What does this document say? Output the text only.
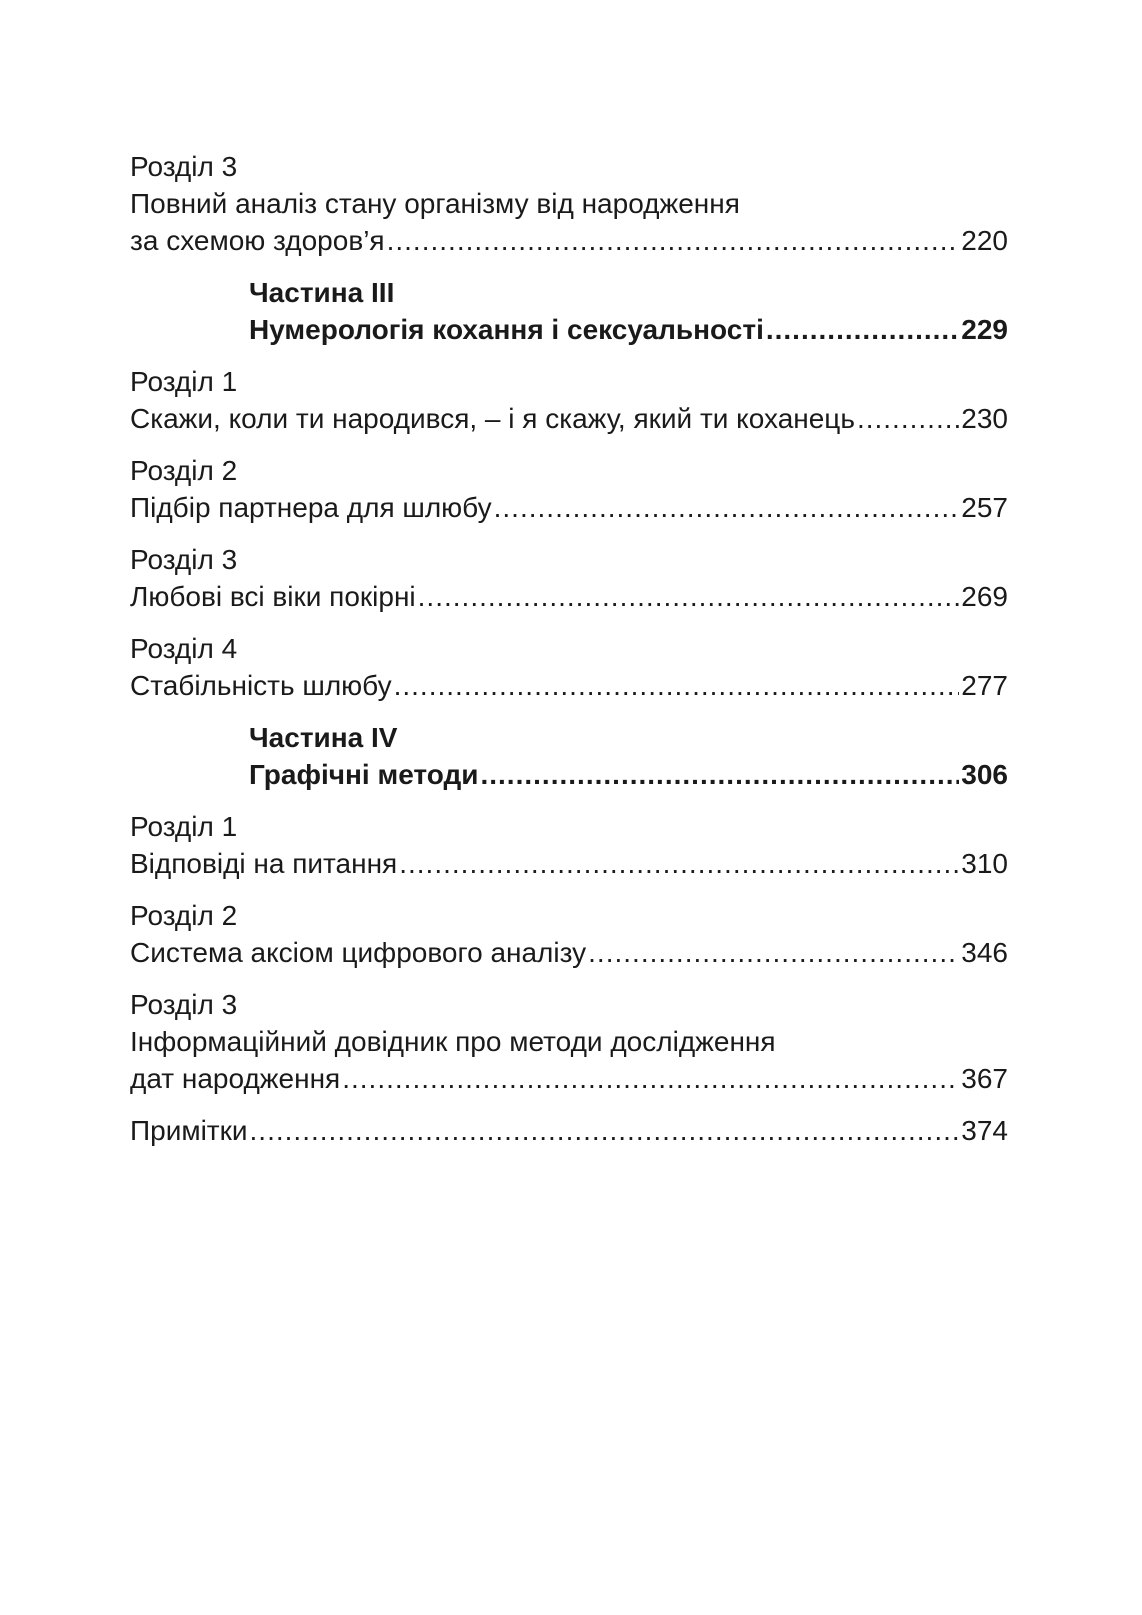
Розділ 3
Повний аналіз стану організму від народження
за схемою здоров’я .....	220
Частина III
Нумерологія кохання і сексуальності .....	229
Розділ 1
Скажи, коли ти народився, – і я скажу, який ти коханець .....	230
Розділ 2
Підбір партнера для шлюбу .....	257
Розділ 3
Любові всі віки покірні .....	269
Розділ 4
Стабільність шлюбу .....	277
Частина IV
Графічні методи .....	306
Розділ 1
Відповіді на питання .....	310
Розділ 2
Система аксіом цифрового аналізу .....	346
Розділ 3
Інформаційний довідник про методи дослідження
дат народження .....	367
Примітки .....	374
